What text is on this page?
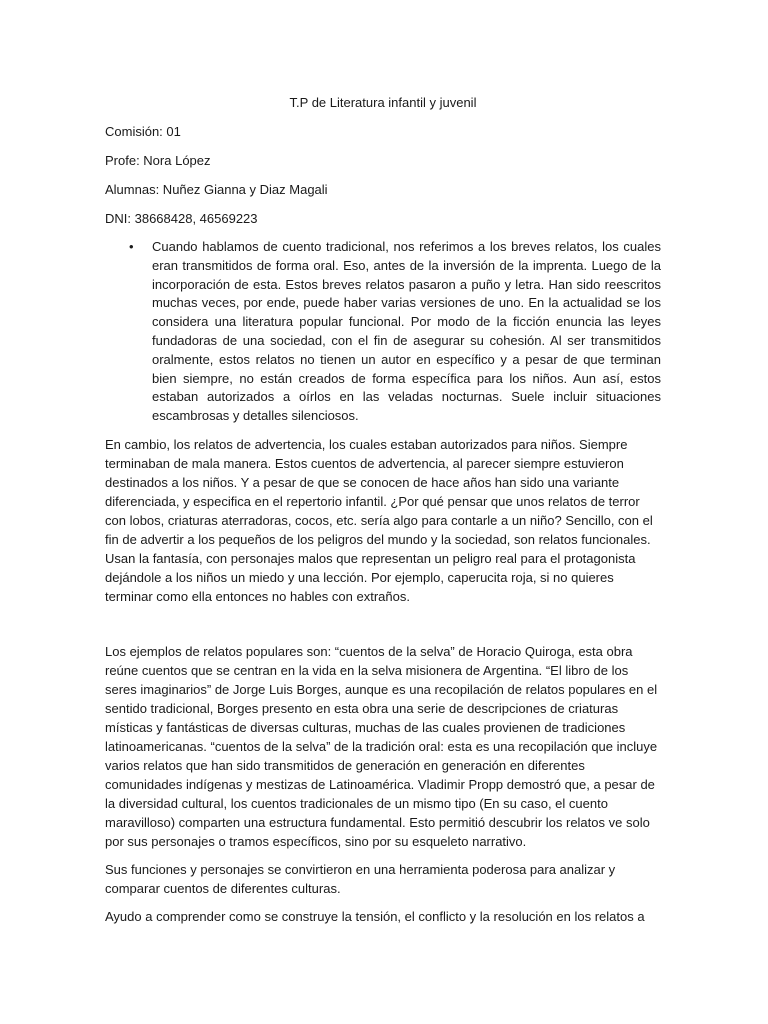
T.P de Literatura infantil y juvenil

Comisión: 01

Profe: Nora López

Alumnas: Nuñez Gianna y Diaz Magali

DNI: 38668428, 46569223

• Cuando hablamos de cuento tradicional, nos referimos a los breves relatos, los cuales eran transmitidos de forma oral. Eso, antes de la inversión de la imprenta. Luego de la incorporación de esta. Estos breves relatos pasaron a puño y letra. Han sido reescritos muchas veces, por ende, puede haber varias versiones de uno. En la actualidad se los considera una literatura popular funcional. Por modo de la ficción enuncia las leyes fundadoras de una sociedad, con el fin de asegurar su cohesión. Al ser transmitidos oralmente, estos relatos no tienen un autor en específico y a pesar de que terminan bien siempre, no están creados de forma específica para los niños. Aun así, estos estaban autorizados a oírlos en las veladas nocturnas. Suele incluir situaciones escambrosas y detalles silenciosos.

En cambio, los relatos de advertencia, los cuales estaban autorizados para niños. Siempre terminaban de mala manera. Estos cuentos de advertencia, al parecer siempre estuvieron destinados a los niños. Y a pesar de que se conocen de hace años han sido una variante diferenciada, y especifica en el repertorio infantil. ¿Por qué pensar que unos relatos de terror con lobos, criaturas aterradoras, cocos, etc. sería algo para contarle a un niño? Sencillo, con el fin de advertir a los pequeños de los peligros del mundo y la sociedad, son relatos funcionales. Usan la fantasía, con personajes malos que representan un peligro real para el protagonista dejándole a los niños un miedo y una lección. Por ejemplo, caperucita roja, si no quieres terminar como ella entonces no hables con extraños.

Los ejemplos de relatos populares son: “cuentos de la selva” de Horacio Quiroga, esta obra reúne cuentos que se centran en la vida en la selva misionera de Argentina. “El libro de los seres imaginarios” de Jorge Luis Borges, aunque es una recopilación de relatos populares en el sentido tradicional, Borges presento en esta obra una serie de descripciones de criaturas místicas y fantásticas de diversas culturas, muchas de las cuales provienen de tradiciones latinoamericanas. “cuentos de la selva” de la tradición oral: esta es una recopilación que incluye varios relatos que han sido transmitidos de generación en generación en diferentes comunidades indígenas y mestizas de Latinoamérica. Vladimir Propp demostró que, a pesar de la diversidad cultural, los cuentos tradicionales de un mismo tipo (En su caso, el cuento maravilloso) comparten una estructura fundamental. Esto permitió descubrir los relatos ve solo por sus personajes o tramos específicos, sino por su esqueleto narrativo.

Sus funciones y personajes se convirtieron en una herramienta poderosa para analizar y comparar cuentos de diferentes culturas.

Ayudo a comprender como se construye la tensión, el conflicto y la resolución en los relatos a
